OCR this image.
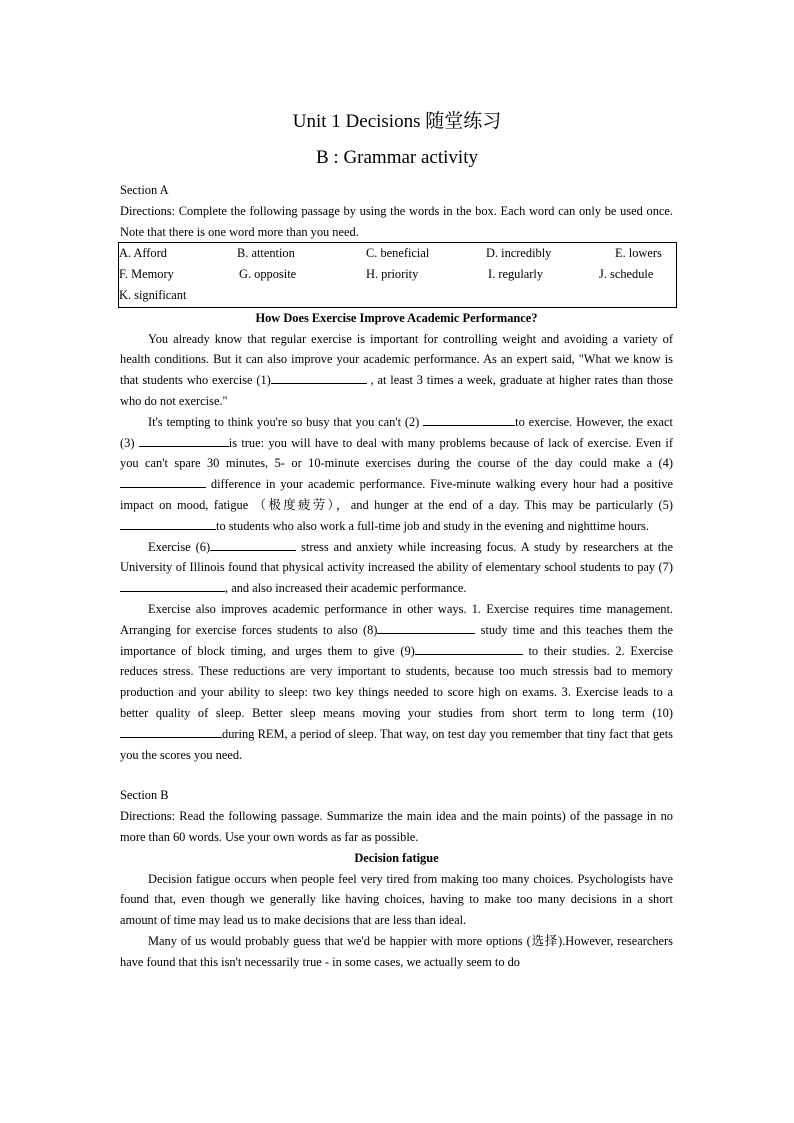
Unit 1 Decisions 随堂练习
B : Grammar activity

Section A

Directions: Complete the following passage by using the words in the box. Each word can only be used once. Note that there is one word more than you need.

A. Afford	B. attention	C. beneficial	D. incredibly	E. lowers
F. Memory	G. opposite	H. priority	I. regularly	J. schedule
K. significant

How Does Exercise Improve Academic Performance?

You already know that regular exercise is important for controlling weight and avoiding a variety of health conditions. But it can also improve your academic performance. As an expert said, "What we know is that students who exercise (1)	, at least 3 times a week, graduate at higher rates than those who do not exercise."

It's tempting to think you're so busy that you can't (2)	to exercise. However, the exact (3)	is true: you will have to deal with many problems because of lack of exercise. Even if you can't spare 30 minutes, 5- or 10-minute exercises during the course of the day could make a (4) difference in your academic performance. Five-minute walking every hour had a positive impact on mood, fatigue （极度疲劳），and hunger at the end of a day. This may be particularly (5)to students who also work a full-time job and study in the evening and nighttime hours.

Exercise (6)	stress and anxiety while increasing focus. A study by researchers at the University of Illinois found that physical activity increased the ability of elementary school students to pay (7), and also increased their academic performance.

Exercise also improves academic performance in other ways. 1. Exercise requires time management. Arranging for exercise forces students to also (8)	study time and this teaches them the importance of block timing, and urges them to give (9)	to their studies. 2. Exercise reduces stress. These reductions are very important to students, because too much stressis bad to memory production and your ability to sleep: two key things needed to score high on exams. 3. Exercise leads to a better quality of sleep. Better sleep means moving your studies from short term to long term (10)during REM, a period of sleep. That way, on test day you remember that tiny fact that gets you the scores you need.

Section B

Directions: Read the following passage. Summarize the main idea and the main points) of the passage in no more than 60 words. Use your own words as far as possible.

Decision fatigue

Decision fatigue occurs when people feel very tired from making too many choices. Psychologists have found that, even though we generally like having choices, having to make too many decisions in a short amount of time may lead us to make decisions that are less than ideal.

Many of us would probably guess that we'd be happier with more options (选择).However, researchers have found that this isn't necessarily true - in some cases, we actually seem to do
